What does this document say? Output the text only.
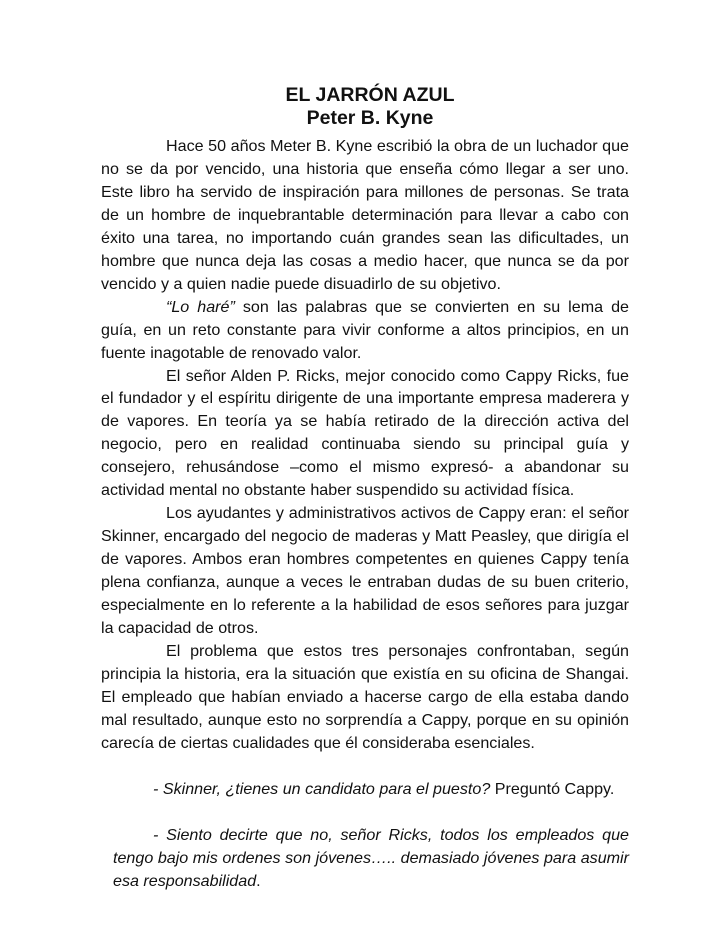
EL JARRÓN AZUL
Peter B. Kyne

Hace 50 años Meter B. Kyne escribió la obra de un luchador que no se da por vencido, una historia que enseña cómo llegar a ser uno. Este libro ha servido de inspiración para millones de personas. Se trata de un hombre de inquebrantable determinación para llevar a cabo con éxito una tarea, no importando cuán grandes sean las dificultades, un hombre que nunca deja las cosas a medio hacer, que nunca se da por vencido y a quien nadie puede disuadirlo de su objetivo.

“Lo haré” son las palabras que se convierten en su lema de guía, en un reto constante para vivir conforme a altos principios, en un fuente inagotable de renovado valor.

El señor Alden P. Ricks, mejor conocido como Cappy Ricks, fue el fundador y el espíritu dirigente de una importante empresa maderera y de vapores. En teoría ya se había retirado de la dirección activa del negocio, pero en realidad continuaba siendo su principal guía y consejero, rehusándose –como el mismo expresó- a abandonar su actividad mental no obstante haber suspendido su actividad física.

Los ayudantes y administrativos activos de Cappy eran: el señor Skinner, encargado del negocio de maderas y Matt Peasley, que dirigía el de vapores. Ambos eran hombres competentes en quienes Cappy tenía plena confianza, aunque a veces le entraban dudas de su buen criterio, especialmente en lo referente a la habilidad de esos señores para juzgar la capacidad de otros.

El problema que estos tres personajes confrontaban, según principia la historia, era la situación que existía en su oficina de Shangai. El empleado que habían enviado a hacerse cargo de ella estaba dando mal resultado, aunque esto no sorprendía a Cappy, porque en su opinión carecía de ciertas cualidades que él consideraba esenciales.

- Skinner, ¿tienes un candidato para el puesto? Preguntó Cappy.

- Siento decirte que no, señor Ricks, todos los empleados que tengo bajo mis ordenes son jóvenes….. demasiado jóvenes para asumir esa responsabilidad.
